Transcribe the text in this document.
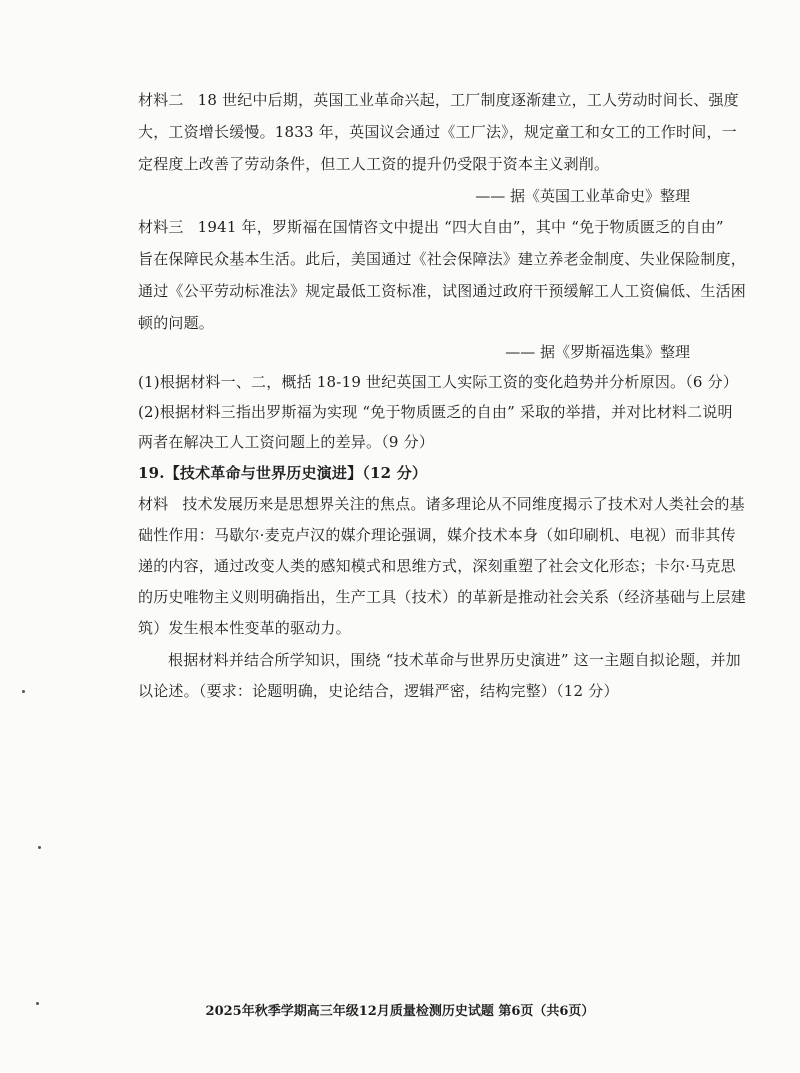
材料二 18 世纪中后期，英国工业革命兴起，工厂制度逐渐建立，工人劳动时间长、强度
大，工资增长缓慢。1833 年，英国议会通过《工厂法》，规定童工和女工的工作时间，一
定程度上改善了劳动条件，但工人工资的提升仍受限于资本主义剥削。
—— 据《英国工业革命史》整理
材料三 1941 年，罗斯福在国情咨文中提出 “四大自由”，其中 “免于物质匮乏的自由”
旨在保障民众基本生活。此后，美国通过《社会保障法》建立养老金制度、失业保险制度，
通过《公平劳动标准法》规定最低工资标准，试图通过政府干预缓解工人工资偏低、生活困
顿的问题。
—— 据《罗斯福选集》整理
(1)根据材料一、二，概括 18-19 世纪英国工人实际工资的变化趋势并分析原因。（6 分）
(2)根据材料三指出罗斯福为实现 “免于物质匮乏的自由” 采取的举措，并对比材料二说明
两者在解决工人工资问题上的差异。（9 分）
19.【技术革命与世界历史演进】（12 分）
材料 技术发展历来是思想界关注的焦点。诸多理论从不同维度揭示了技术对人类社会的基
础性作用：马歇尔·麦克卢汉的媒介理论强调，媒介技术本身（如印刷机、电视）而非其传
递的内容，通过改变人类的感知模式和思维方式，深刻重塑了社会文化形态；卡尔·马克思
的历史唯物主义则明确指出，生产工具（技术）的革新是推动社会关系（经济基础与上层建
筑）发生根本性变革的驱动力。
根据材料并结合所学知识，围绕 “技术革命与世界历史演进” 这一主题自拟论题，并加
以论述。（要求：论题明确，史论结合，逻辑严密，结构完整）（12 分）
2025年秋季学期高三年级12月质量检测历史试题 第6页（共6页）
